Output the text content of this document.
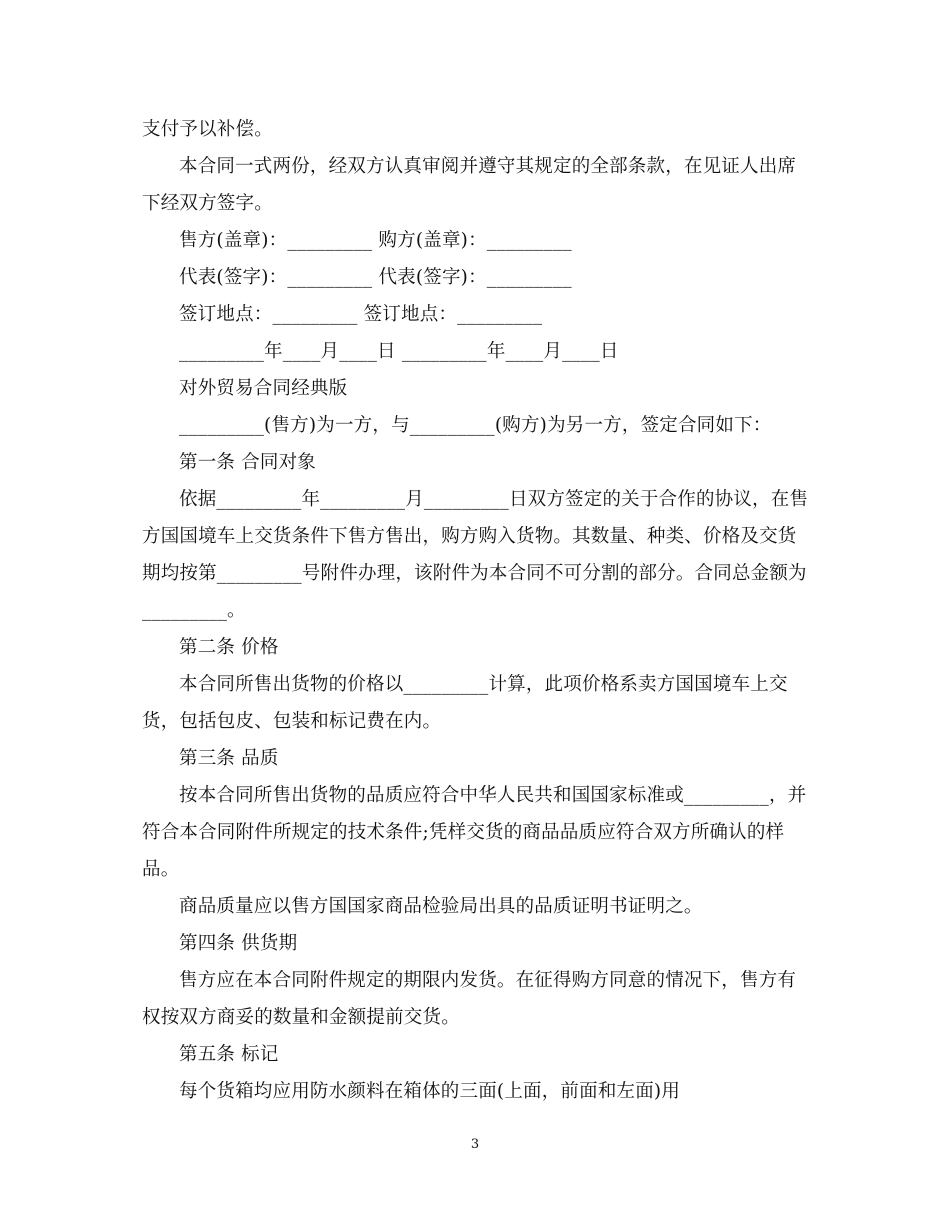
支付予以补偿。
本合同一式两份，经双方认真审阅并遵守其规定的全部条款，在见证人出席
下经双方签字。
售方(盖章)：_________ 购方(盖章)：_________
代表(签字)：_________ 代表(签字)：_________
签订地点：_________ 签订地点：_________
_________年____月____日 _________年____月____日
对外贸易合同经典版
_________(售方)为一方，与_________(购方)为另一方，签定合同如下：
第一条 合同对象
依据_________年_________月_________日双方签定的关于合作的协议，在售
方国国境车上交货条件下售方售出，购方购入货物。其数量、种类、价格及交货
期均按第_________号附件办理，该附件为本合同不可分割的部分。合同总金额为
_________。
第二条 价格
本合同所售出货物的价格以_________计算，此项价格系卖方国国境车上交
货，包括包皮、包装和标记费在内。
第三条 品质
按本合同所售出货物的品质应符合中华人民共和国国家标准或_________，并
符合本合同附件所规定的技术条件;凭样交货的商品品质应符合双方所确认的样
品。
商品质量应以售方国国家商品检验局出具的品质证明书证明之。
第四条 供货期
售方应在本合同附件规定的期限内发货。在征得购方同意的情况下，售方有
权按双方商妥的数量和金额提前交货。
第五条 标记
每个货箱均应用防水颜料在箱体的三面(上面，前面和左面)用
3
